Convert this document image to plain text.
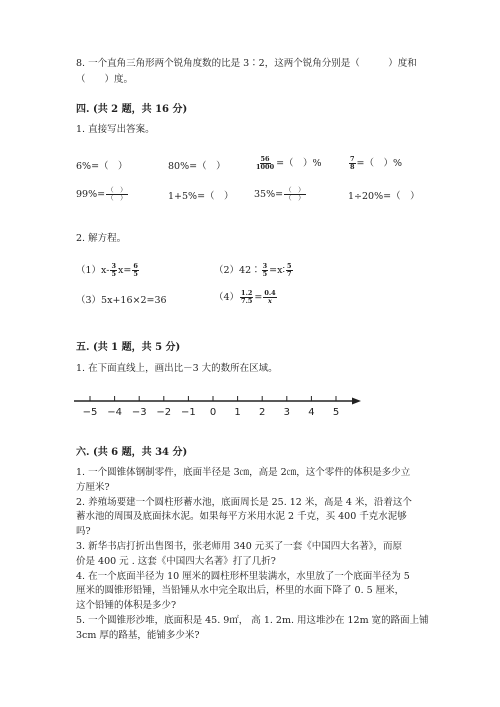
8. 一个直角三角形两个锐角度数的比是 3∶2，这两个锐角分别是（　　　）度和
（　　）度。
四. (共 2 题，共 16 分)
1. 直接写出答案。
6%=（　）	80%=（　）	$\frac{56}{1000}$ =（　）%	$\frac{7}{8}$ =（　）%
$99\%= \frac{( )}{( )}$	1+5%=（　） $35\%= \frac{( )}{( )}$	1÷20%=（　）
2. 解方程。
$(1)x- \frac{3}{5} x= \frac{6}{5}$	（2）42∶ $\frac{3}{5}$ =x∶ $\frac{5}{7}$
（3）5x+16×2=36	$(4) \frac{1.2}{7.5} = \frac{0.4}{x}$
五. (共 1 题，共 5 分)
1. 在下面直线上，画出比－3 大的数所在区域。
−5 −4 −3 −2 −1 0 1 2 3 4 5
六. (共 6 题，共 34 分)
1. 一个圆锥体钢制零件，底面半径是 3㎝，高是 2㎝，这个零件的体积是多少立
方厘米?
2. 养殖场要建一个圆柱形蓄水池，底面周长是 25. 12 米，高是 4 米，沿着这个
蓄水池的周围及底面抹水泥。如果每平方米用水泥 2 千克，买 400 千克水泥够
吗?
3. 新华书店打折出售图书，张老师用 340 元买了一套《中国四大名著》，而原
价是 400 元 . 这套《中国四大名著》打了几折?
4. 在一个底面半径为 10 厘米的圆柱形杯里装满水，水里放了一个底面半径为 5
厘米的圆锥形铅锤，当铅锤从水中完全取出后，杯里的水面下降了 0. 5 厘米，
这个铅锤的体积是多少?
5. 一个圆锥形沙堆，底面积是 45. 9㎡， 高 1. 2m. 用这堆沙在 12m 宽的路面上铺
3cm 厚的路基，能铺多少米?
